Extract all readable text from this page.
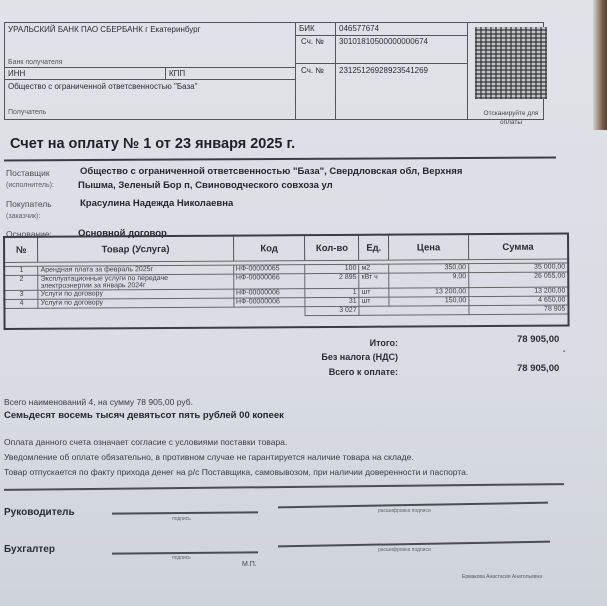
УРАЛЬСКИЙ БАНК ПАО СБЕРБАНК г Екатеринбург
Банк получателя
ИНН	КПП
Общество с ограниченной ответсвенностью "База"
Получатель
БИК	046577674
Сч. № 30101810500000000674
Сч. № 23125126928923541269
Отсканируйте для оплаты
Счет на оплату № 1 от 23 января 2025 г.
Поставщик
(исполнитель):
Общество с ограниченной ответсвенностью "База", Свердловская обл, Верхняя
Пышма, Зеленый Бор п, Свиноводческого совхоза ул
Покупатель
(заказчик):
Красулина Надежда Николаевна
Основание:	Основной договор
№	Товар (Услуга)	Код	Кол-во	Ед.	Цена	Сумма

1	Арендная плата за февраль 2025г	НФ-00000065	100	м2	350,00	35 000,00
2	Эксплуатационные услуги по передаче
электроэнергии за январь 2024г	НФ-00000066	2 895	кВт ч	9,00	26 055,00
3	Услуги по договору	НФ-00000006	1	шт	13 200,00	13 200,00
4	Услуги по договору	НФ-00000006	31	шт	150,00	4 650,00
			3 027			78 905

Итого:	78 905,00
Без налога (НДС)
-
Всего к оплате:	78 905,00
Всего наименований 4, на сумму 78 905,00 руб.
Семьдесят восемь тысяч девятьсот пять рублей 00 копеек
Оплата данного счета означает согласие с условиями поставки товара.
Уведомление об оплате обязательно, в противном случае не гарантируется наличие товара на складе.
Товар отпускается по факту прихода денег на р/с Поставщика, самовывозом, при наличии доверенности и паспорта.
Руководитель
подпись
расшифровка подписи
Бухгалтер
подпись
расшифровка подписи
М.П.
Ермакова Анастасия Анатольевна
